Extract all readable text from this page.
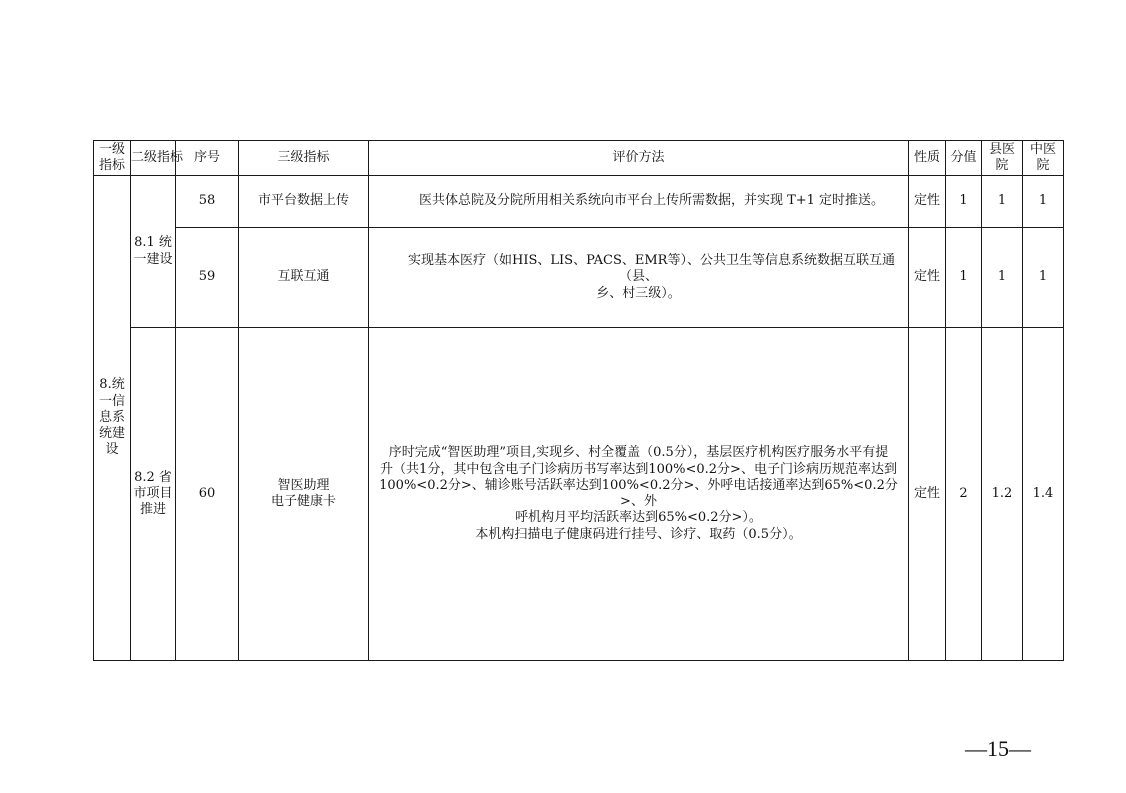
一级指标	二级指标	序号	三级指标	评价方法	性质	分值	县医院	中医院

8.统一信息系统建设	8.1 统一建设	58	市平台数据上传	医共体总院及分院所用相关系统向市平台上传所需数据，并实现 T+1 定时推送。	定性	1	1	1
		59	互联互通	实现基本医疗（如HIS、LIS、PACS、EMR等）、公共卫生等信息系统数据互联互通（县、
乡、村三级）。	定性	1	1	1

	8.2 省市项目推进	60	智医助理
电子健康卡	序时完成“智医助理”项目,实现乡、村全覆盖（0.5分），基层医疗机构医疗服务水平有提
升（共1分，其中包含电子门诊病历书写率达到100%<0.2分>、电子门诊病历规范率达到
100%<0.2分>、辅诊账号活跃率达到100%<0.2分>、外呼电话接通率达到65%<0.2分>、外
呼机构月平均活跃率达到65%<0.2分>）。
本机构扫描电子健康码进行挂号、诊疗、取药（0.5分）。	定性	2	1.2	1.4
—15—
